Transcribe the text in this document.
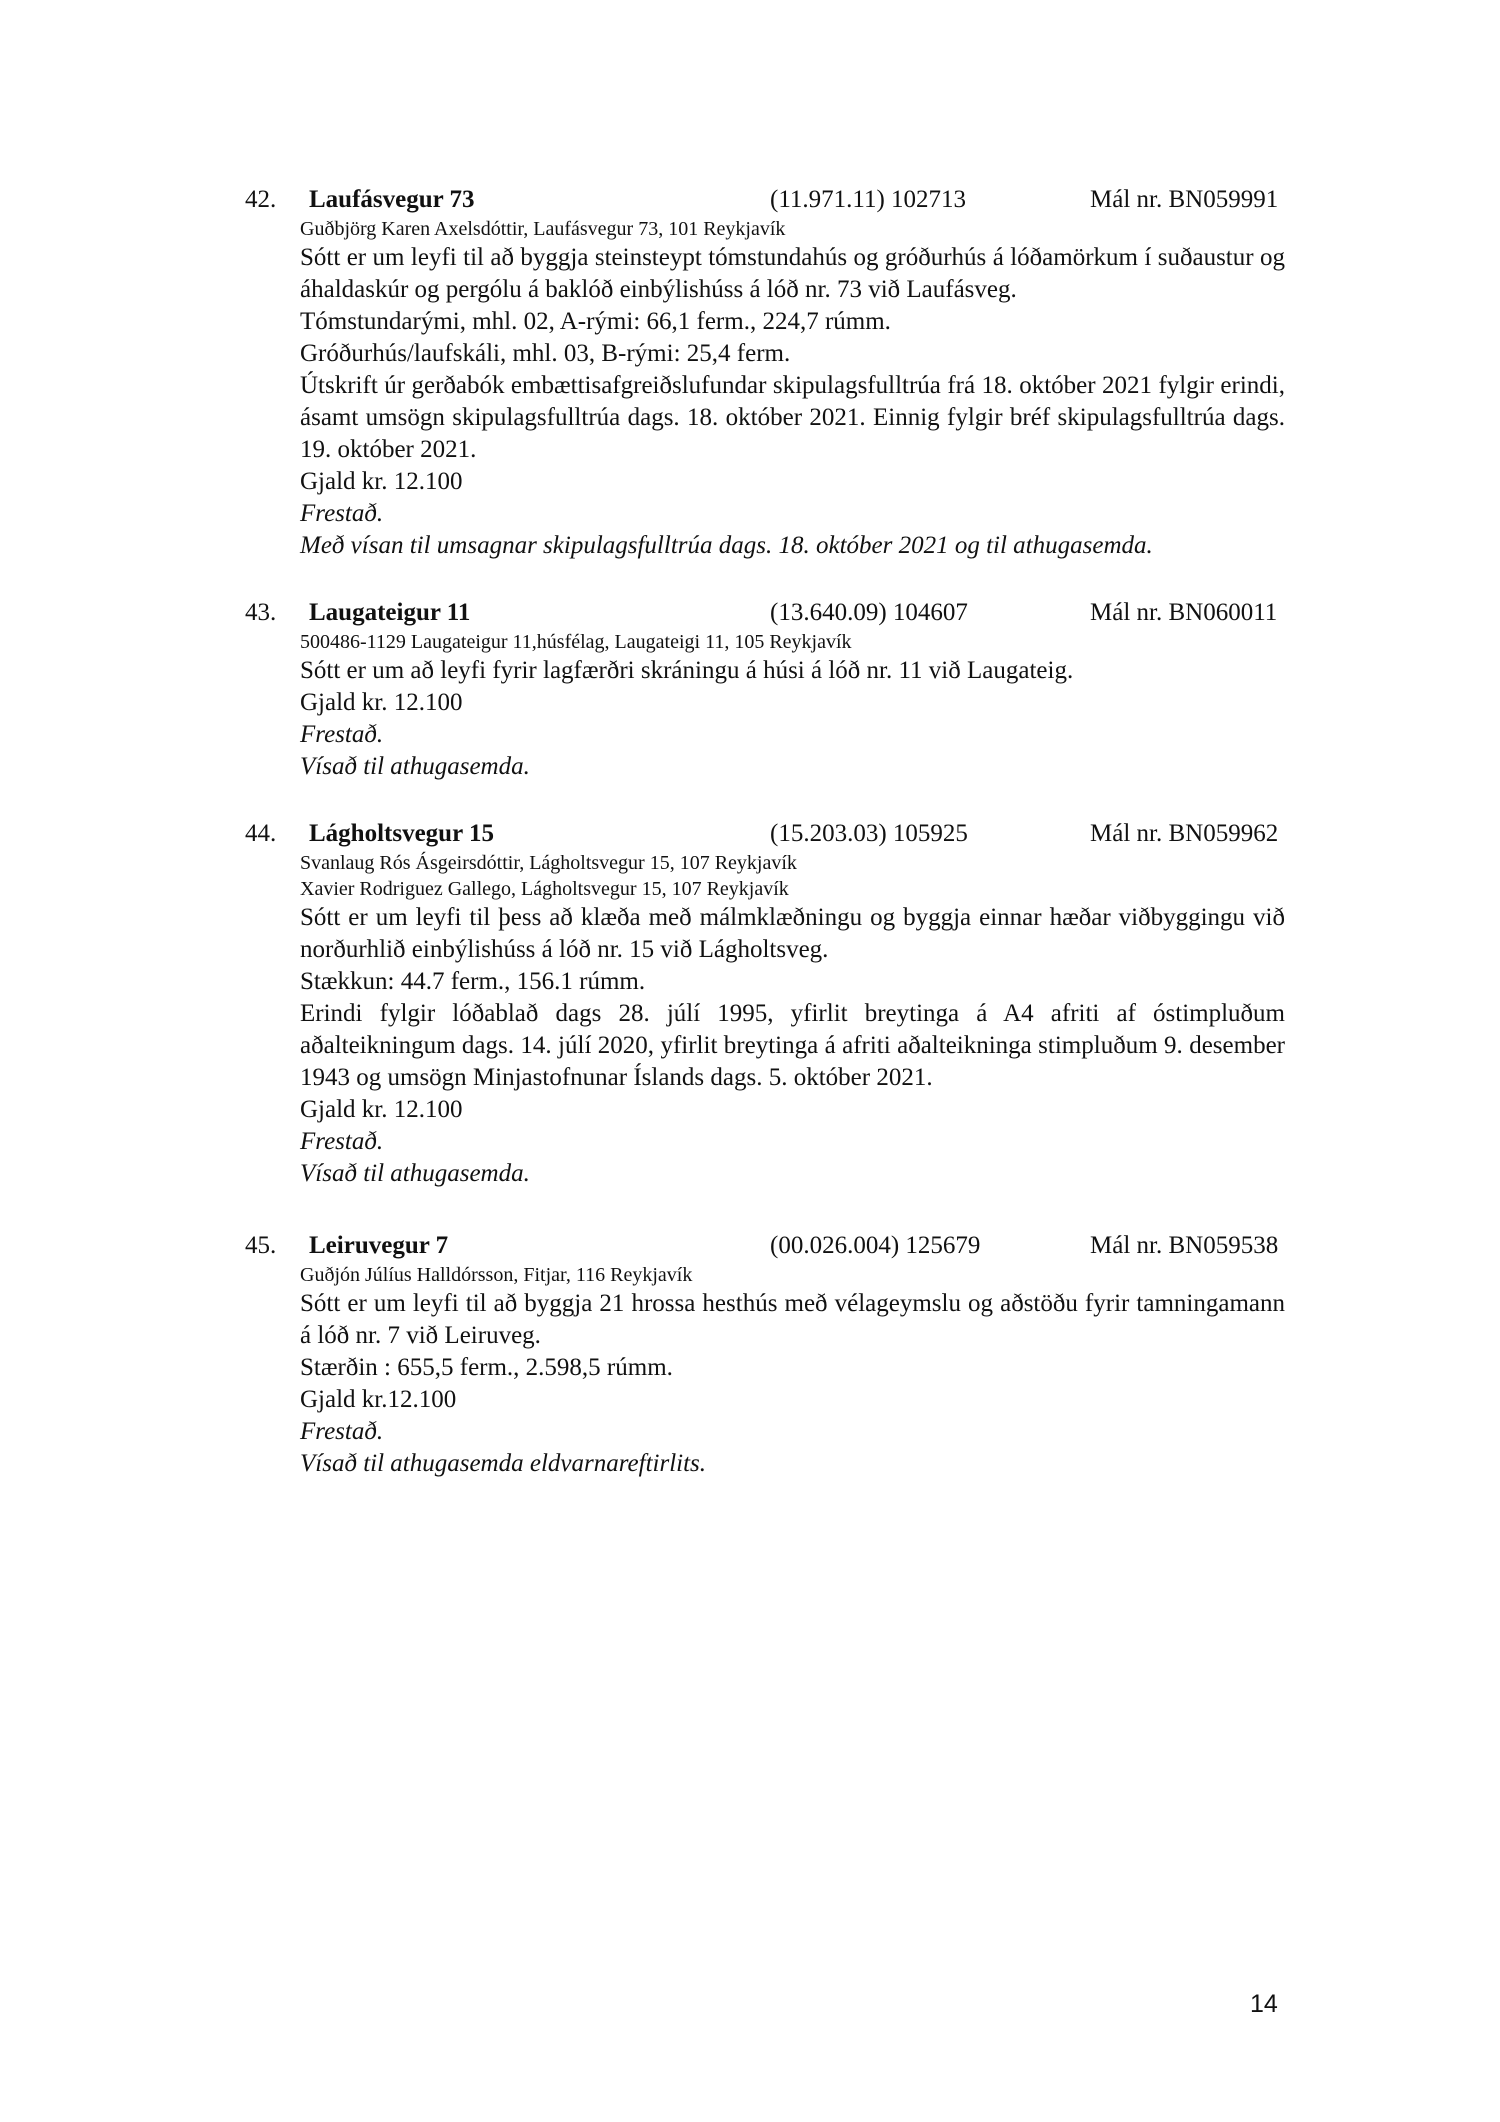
42. Laufásvegur 73	(11.971.11) 102713	Mál nr. BN059991
Guðbjörg Karen Axelsdóttir, Laufásvegur 73, 101 Reykjavík

Sótt er um leyfi til að byggja steinsteypt tómstundahús og gróðurhús á lóðamörkum í suðaustur og áhaldaskúr og pergólu á baklóð einbýlishúss á lóð nr. 73 við Laufásveg.

Tómstundarými, mhl. 02, A-rými: 66,1 ferm., 224,7 rúmm.

Gróðurhús/laufskáli, mhl. 03, B-rými: 25,4 ferm.

Útskrift úr gerðabók embættisafgreiðslufundar skipulagsfulltrúa frá 18. október 2021 fylgir erindi, ásamt umsögn skipulagsfulltrúa dags. 18. október 2021. Einnig fylgir bréf skipulagsfulltrúa dags. 19. október 2021.

Gjald kr. 12.100

Frestað.

Með vísan til umsagnar skipulagsfulltrúa dags. 18. október 2021 og til athugasemda.

43. Laugateigur 11	(13.640.09) 104607	Mál nr. BN060011
500486-1129 Laugateigur 11,húsfélag, Laugateigi 11, 105 Reykjavík

Sótt er um að leyfi fyrir lagfærðri skráningu á húsi á lóð nr. 11 við Laugateig.

Gjald kr. 12.100

Frestað.

Vísað til athugasemda.

44. Lágholtsvegur 15	(15.203.03) 105925	Mál nr. BN059962
Svanlaug Rós Ásgeirsdóttir, Lágholtsvegur 15, 107 Reykjavík
Xavier Rodriguez Gallego, Lágholtsvegur 15, 107 Reykjavík

Sótt er um leyfi til þess að klæða með málmklæðningu og byggja einnar hæðar viðbyggingu við norðurhlið einbýlishúss á lóð nr. 15 við Lágholtsveg.

Stækkun: 44.7 ferm., 156.1 rúmm.

Erindi fylgir lóðablað dags 28. júlí 1995, yfirlit breytinga á A4 afriti af óstimpluðum aðalteikningum dags. 14. júlí 2020, yfirlit breytinga á afriti aðalteikninga stimpluðum 9. desember 1943 og umsögn Minjastofnunar Íslands dags. 5. október 2021.

Gjald kr. 12.100

Frestað.

Vísað til athugasemda.

45. Leiruvegur 7	(00.026.004) 125679	Mál nr. BN059538
Guðjón Júlíus Halldórsson, Fitjar, 116 Reykjavík

Sótt er um leyfi til að byggja 21 hrossa hesthús með vélageymslu og aðstöðu fyrir tamningamann á lóð nr. 7 við Leiruveg.

Stærðin : 655,5 ferm., 2.598,5 rúmm.

Gjald kr.12.100

Frestað.

Vísað til athugasemda eldvarnareftirlits.

14
